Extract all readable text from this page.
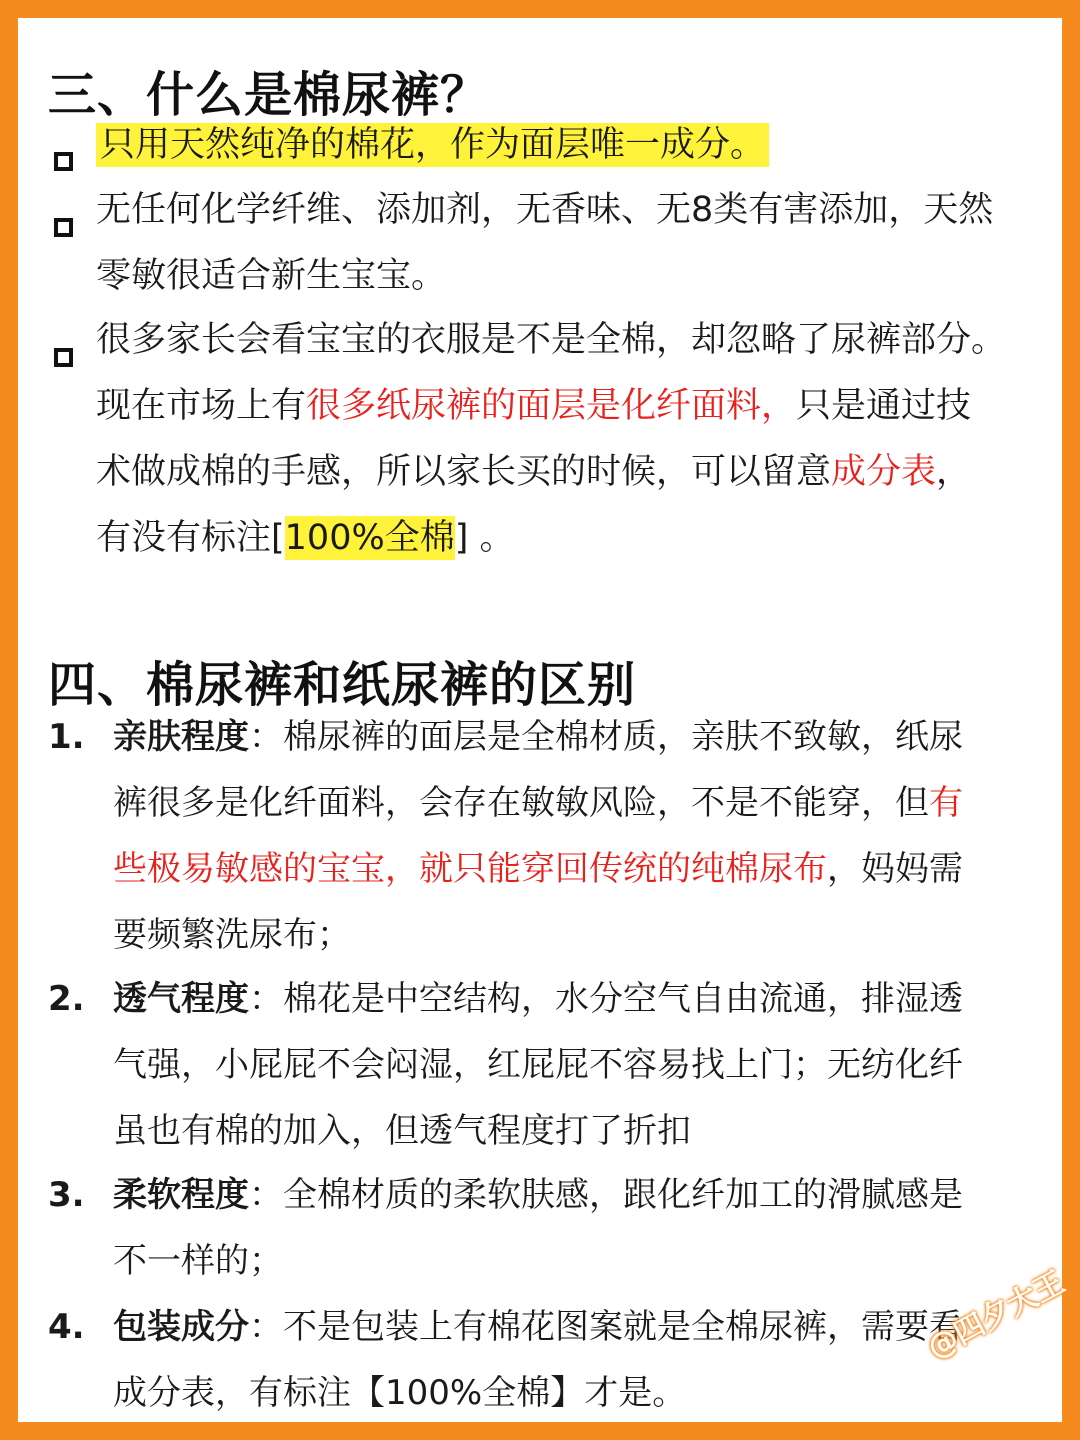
三、什么是棉尿裤？
只用天然纯净的棉花，作为面层唯一成分。
无任何化学纤维、添加剂，无香味、无8类有害添加，天然
零敏很适合新生宝宝。
很多家长会看宝宝的衣服是不是全棉，却忽略了尿裤部分。
现在市场上有很多纸尿裤的面层是化纤面料，只是通过技
术做成棉的手感，所以家长买的时候，可以留意成分表，
有没有标注[100%全棉] 。
四、棉尿裤和纸尿裤的区别
1. 亲肤程度：棉尿裤的面层是全棉材质，亲肤不致敏，纸尿
裤很多是化纤面料，会存在敏敏风险，不是不能穿，但有
些极易敏感的宝宝，就只能穿回传统的纯棉尿布，妈妈需
要频繁洗尿布；
2. 透气程度：棉花是中空结构，水分空气自由流通，排湿透
气强，小屁屁不会闷湿，红屁屁不容易找上门；无纺化纤
虽也有棉的加入，但透气程度打了折扣
3. 柔软程度：全棉材质的柔软肤感，跟化纤加工的滑腻感是
不一样的；
4. 包装成分：不是包装上有棉花图案就是全棉尿裤，需要看
成分表，有标注【100%全棉】才是。
@四夕大王
